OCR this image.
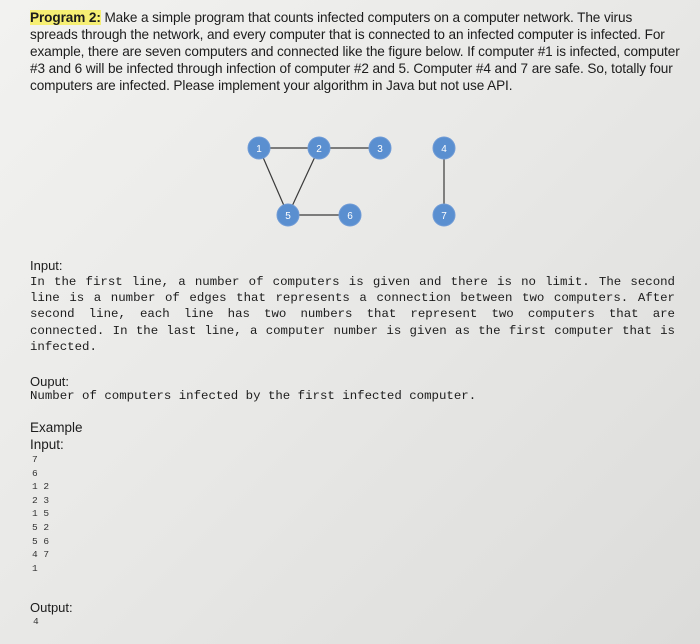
Program 2: Make a simple program that counts infected computers on a computer network. The virus spreads through the network, and every computer that is connected to an infected computer is infected. For example, there are seven computers and connected like the figure below. If computer #1 is infected, computer #3 and 6 will be infected through infection of computer #2 and 5. Computer #4 and 7 are safe. So, totally four computers are infected. Please implement your algorithm in Java but not use API.
1	2	3	4
5	6	7
Input:
In the first line, a number of computers is given and there is no limit. The second line is a number of edges that represents a connection between two computers. After second line, each line has two numbers that represent two computers that are connected. In the last line, a computer number is given as the first computer that is infected.
Ouput:
Number of computers infected by the first infected computer.
Example
Input:
7
6
1 2
2 3
1 5
5 2
5 6
4 7
1
Output:
4
